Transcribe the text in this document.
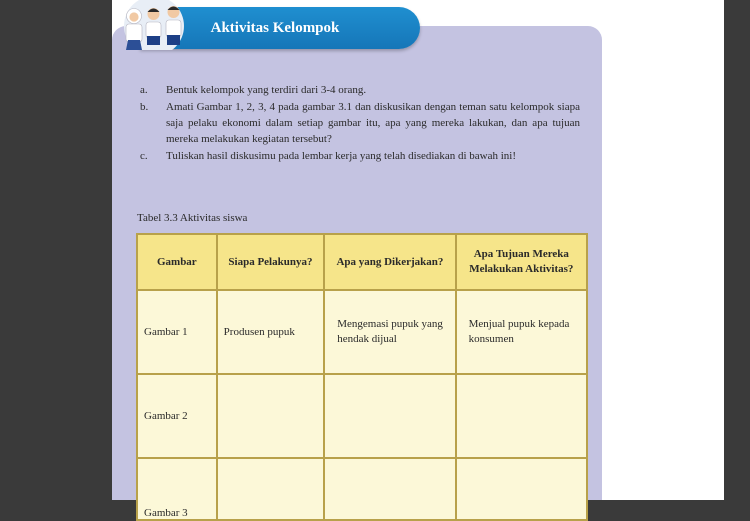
Aktivitas Kelompok
a.	Bentuk kelompok yang terdiri dari 3-4 orang.
b.	Amati Gambar 1, 2, 3, 4 pada gambar 3.1 dan diskusikan dengan teman satu kelompok siapa saja pelaku ekonomi dalam setiap gambar itu, apa yang mereka lakukan, dan apa tujuan mereka melakukan kegiatan tersebut?
c.	Tuliskan hasil diskusimu pada lembar kerja yang telah disediakan di bawah ini!
Tabel 3.3 Aktivitas siswa
Gambar	Siapa Pelakunya?	Apa yang Dikerjakan?	Apa Tujuan Mereka Melakukan Aktivitas?
Gambar 1	Produsen pupuk	Mengemasi pupuk yang hendak dijual	Menjual pupuk kepada konsumen
Gambar 2			
Gambar 3			
